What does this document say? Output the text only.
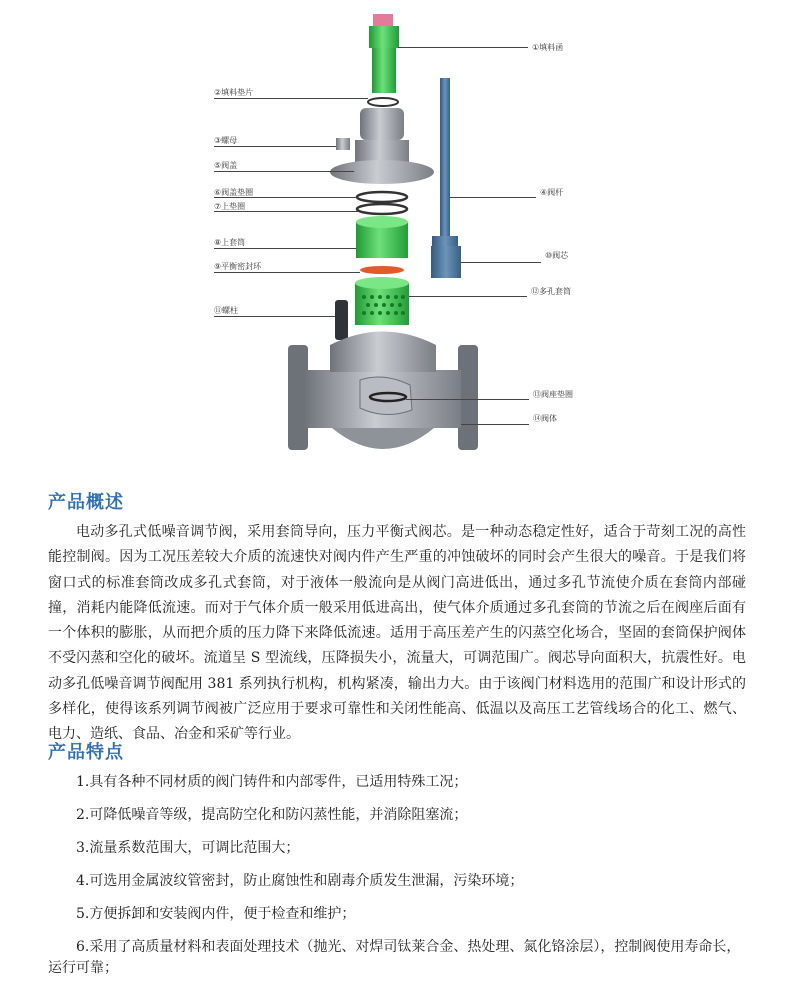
①填料函
②填料垫片
③螺母
⑤阀盖
⑥阀盖垫圈
⑦上垫圈
⑧上套筒
⑨平衡密封环
⑪螺柱
④阀杆
⑩阀芯
⑫多孔套筒
⑬阀座垫圈
⑭阀体
产品概述

电动多孔式低噪音调节阀，采用套筒导向，压力平衡式阀芯。是一种动态稳定性好，适合于苛刻工况的高性能控制阀。因为工况压差较大介质的流速快对阀内件产生严重的冲蚀破坏的同时会产生很大的噪音。于是我们将窗口式的标准套筒改成多孔式套筒，对于液体一般流向是从阀门高进低出，通过多孔节流使介质在套筒内部碰撞，消耗内能降低流速。而对于气体介质一般采用低进高出，使气体介质通过多孔套筒的节流之后在阀座后面有一个体积的膨胀，从而把介质的压力降下来降低流速。适用于高压差产生的闪蒸空化场合，坚固的套筒保护阀体不受闪蒸和空化的破坏。流道呈 S 型流线，压降损失小，流量大，可调范围广。阀芯导向面积大，抗震性好。电动多孔低噪音调节阀配用 381 系列执行机构，机构紧凑，输出力大。由于该阀门材料选用的范围广和设计形式的多样化，使得该系列调节阀被广泛应用于要求可靠性和关闭性能高、低温以及高压工艺管线场合的化工、燃气、电力、造纸、食品、冶金和采矿等行业。

产品特点
1.具有各种不同材质的阀门铸件和内部零件，已适用特殊工况；
2.可降低噪音等级，提高防空化和防闪蒸性能，并消除阻塞流；
3.流量系数范围大，可调比范围大；
4.可选用金属波纹管密封，防止腐蚀性和剧毒介质发生泄漏，污染环境；
5.方便拆卸和安装阀内件，便于检查和维护；
6.采用了高质量材料和表面处理技术（抛光、对焊司钛莱合金、热处理、氮化铬涂层），控制阀使用寿命长，运行可靠；
